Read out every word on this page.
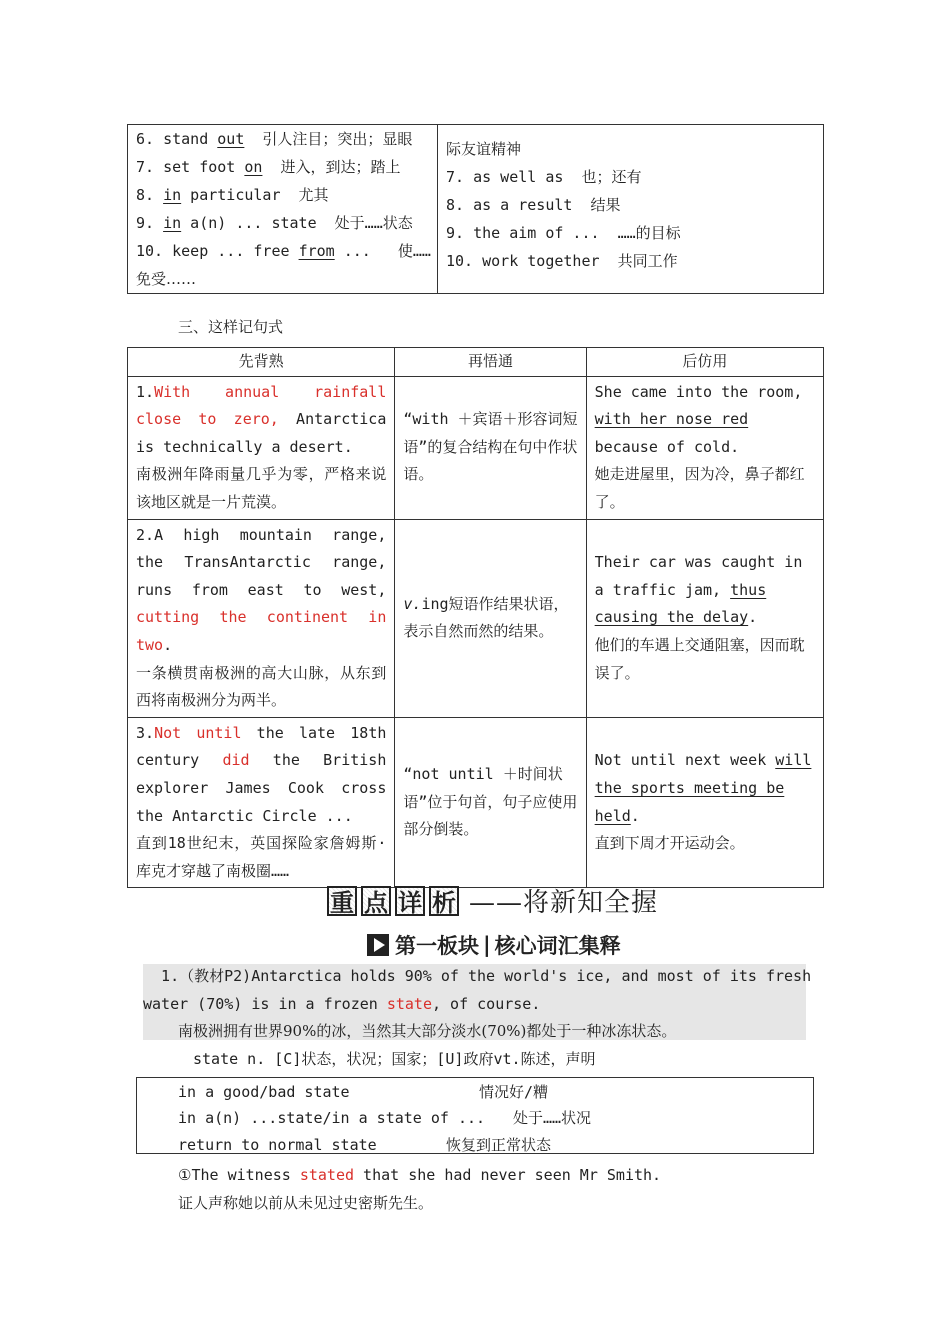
6. stand out  引人注目；突出；显眼
7. set foot on  进入，到达；踏上
8. in particular  尤其
9. in a(n) ... state  处于……状态
10. keep ... free from ...   使……
免受……
际友谊精神
7. as well as  也；还有
8. as a result  结果
9. the aim of ...  ……的目标
10. work together  共同工作
三、这样记句式
先背熟	再悟通	后仿用
1.With annual rainfall close to zero, Antarctica is technically a desert.
南极洲年降雨量几乎为零，严格来说该地区就是一片荒漠。	“with ＋宾语＋形容词短语”的复合结构在句中作状语。	She came into the room, with her nose red because of cold.
她走进屋里，因为冷，鼻子都红了。
2.A high mountain range, the TransAntarctic range, runs from east to west, cutting the continent in two.
一条横贯南极洲的高大山脉，从东到西将南极洲分为两半。	v.ing短语作结果状语，表示自然而然的结果。	Their car was caught in a traffic jam, thus causing the delay.
他们的车遇上交通阻塞，因而耽误了。
3.Not until the late 18th century did the British explorer James Cook cross the Antarctic Circle ...
直到18世纪末，英国探险家詹姆斯·库克才穿越了南极圈……	“not until ＋时间状语”位于句首，句子应使用部分倒装。	Not until next week will the sports meeting be held.
直到下周才开运动会。
重 点 详 析 ——将新知全握
第一板块 | 核心词汇集释
1.（教材P2)Antarctica holds 90% of the world's ice, and most of its fresh
water (70%) is in a frozen state, of course.
南极洲拥有世界90%的冰，当然其大部分淡水(70%)都处于一种冰冻状态。
state n. [C]状态，状况；国家；[U]政府vt.陈述，声明
in a good/bad state	情况好/糟
in a(n) ...state/in a state of ... 处于……状况
return to normal state	恢复到正常状态
①The witness stated that she had never seen Mr Smith.
证人声称她以前从未见过史密斯先生。
